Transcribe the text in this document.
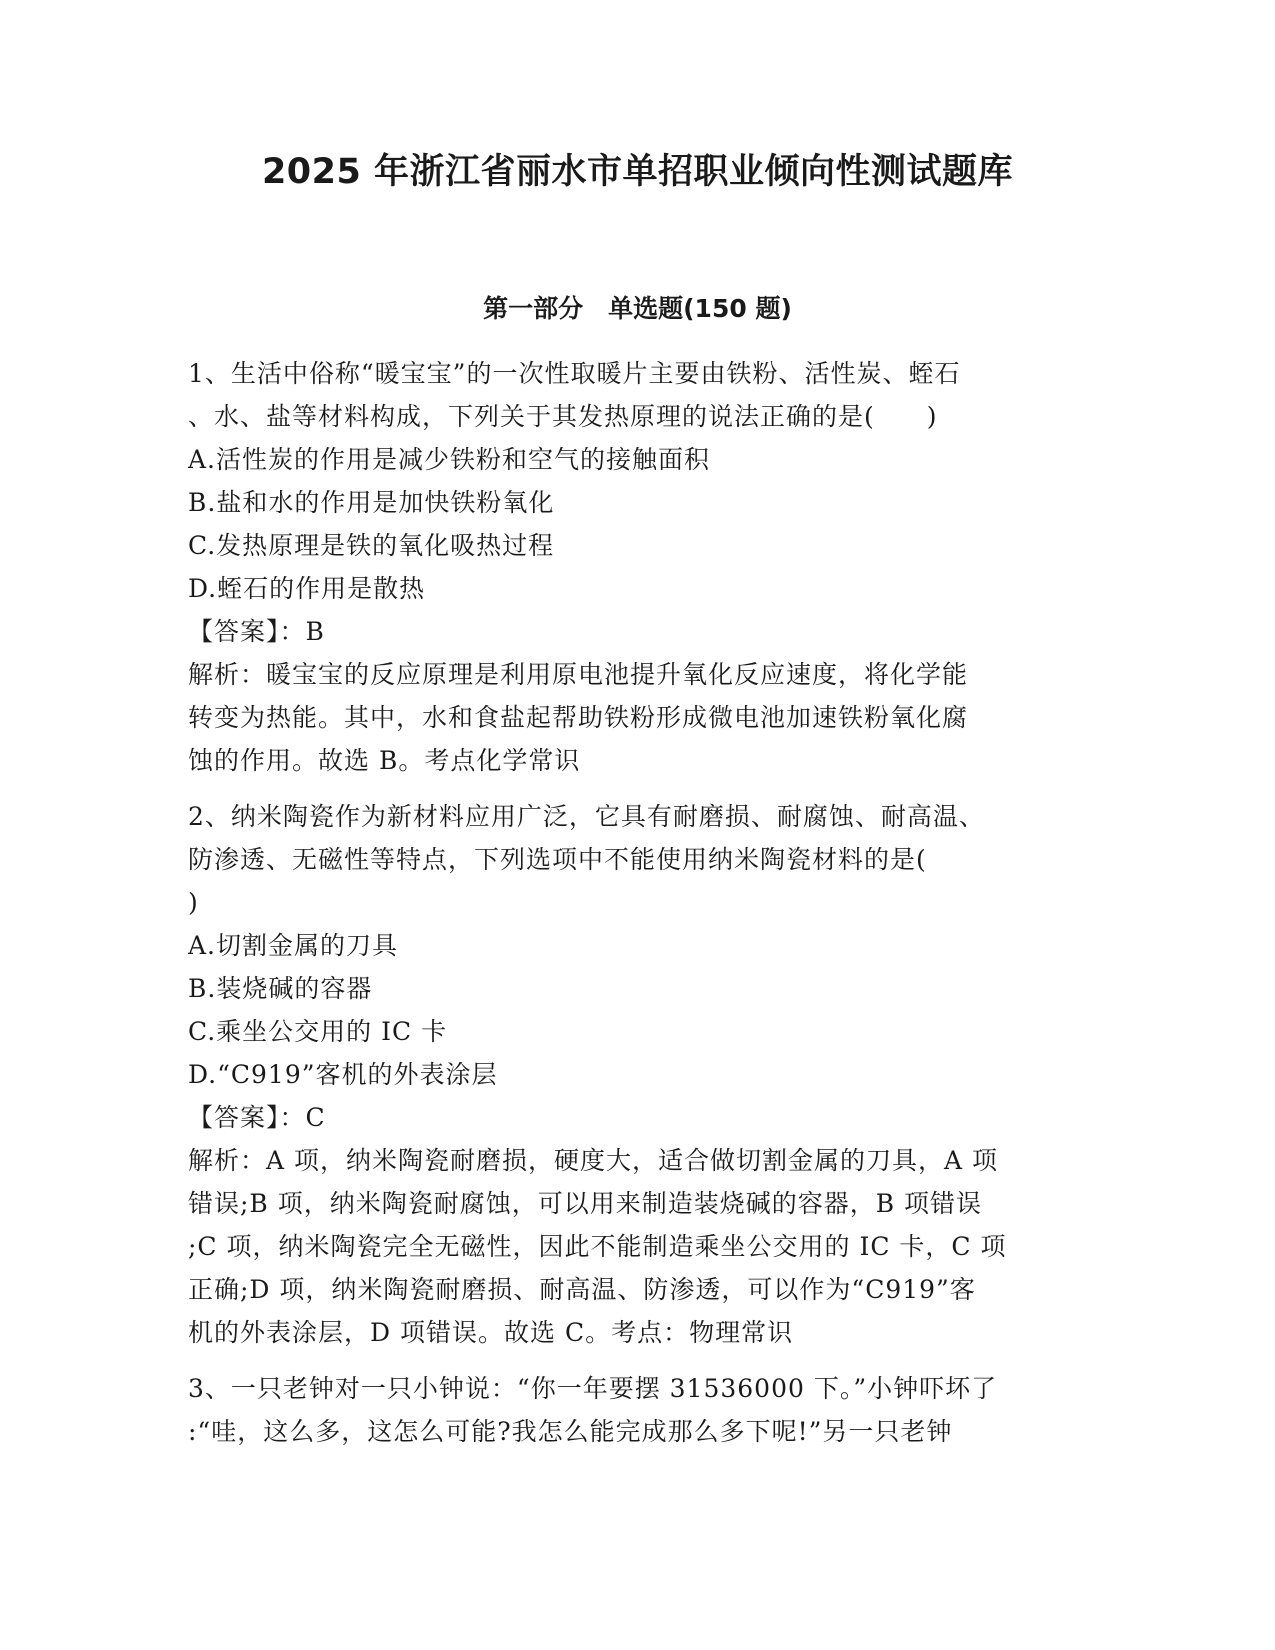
2025 年浙江省丽水市单招职业倾向性测试题库
第一部分　单选题(150 题)
1、生活中俗称“暖宝宝”的一次性取暖片主要由铁粉、活性炭、蛭石
、水、盐等材料构成，下列关于其发热原理的说法正确的是(　　)
A.活性炭的作用是减少铁粉和空气的接触面积
B.盐和水的作用是加快铁粉氧化
C.发热原理是铁的氧化吸热过程
D.蛭石的作用是散热
【答案】：B
解析：暖宝宝的反应原理是利用原电池提升氧化反应速度，将化学能
转变为热能。其中，水和食盐起帮助铁粉形成微电池加速铁粉氧化腐
蚀的作用。故选 B。考点化学常识
2、纳米陶瓷作为新材料应用广泛，它具有耐磨损、耐腐蚀、耐高温、
防渗透、无磁性等特点，下列选项中不能使用纳米陶瓷材料的是(
)
A.切割金属的刀具
B.装烧碱的容器
C.乘坐公交用的 IC 卡
D.“C919”客机的外表涂层
【答案】：C
解析：A 项，纳米陶瓷耐磨损，硬度大，适合做切割金属的刀具，A 项
错误;B 项，纳米陶瓷耐腐蚀，可以用来制造装烧碱的容器，B 项错误
;C 项，纳米陶瓷完全无磁性，因此不能制造乘坐公交用的 IC 卡，C 项
正确;D 项，纳米陶瓷耐磨损、耐高温、防渗透，可以作为“C919”客
机的外表涂层，D 项错误。故选 C。考点：物理常识
3、一只老钟对一只小钟说：“你一年要摆 31536000 下。”小钟吓坏了
:“哇，这么多，这怎么可能?我怎么能完成那么多下呢!”另一只老钟
